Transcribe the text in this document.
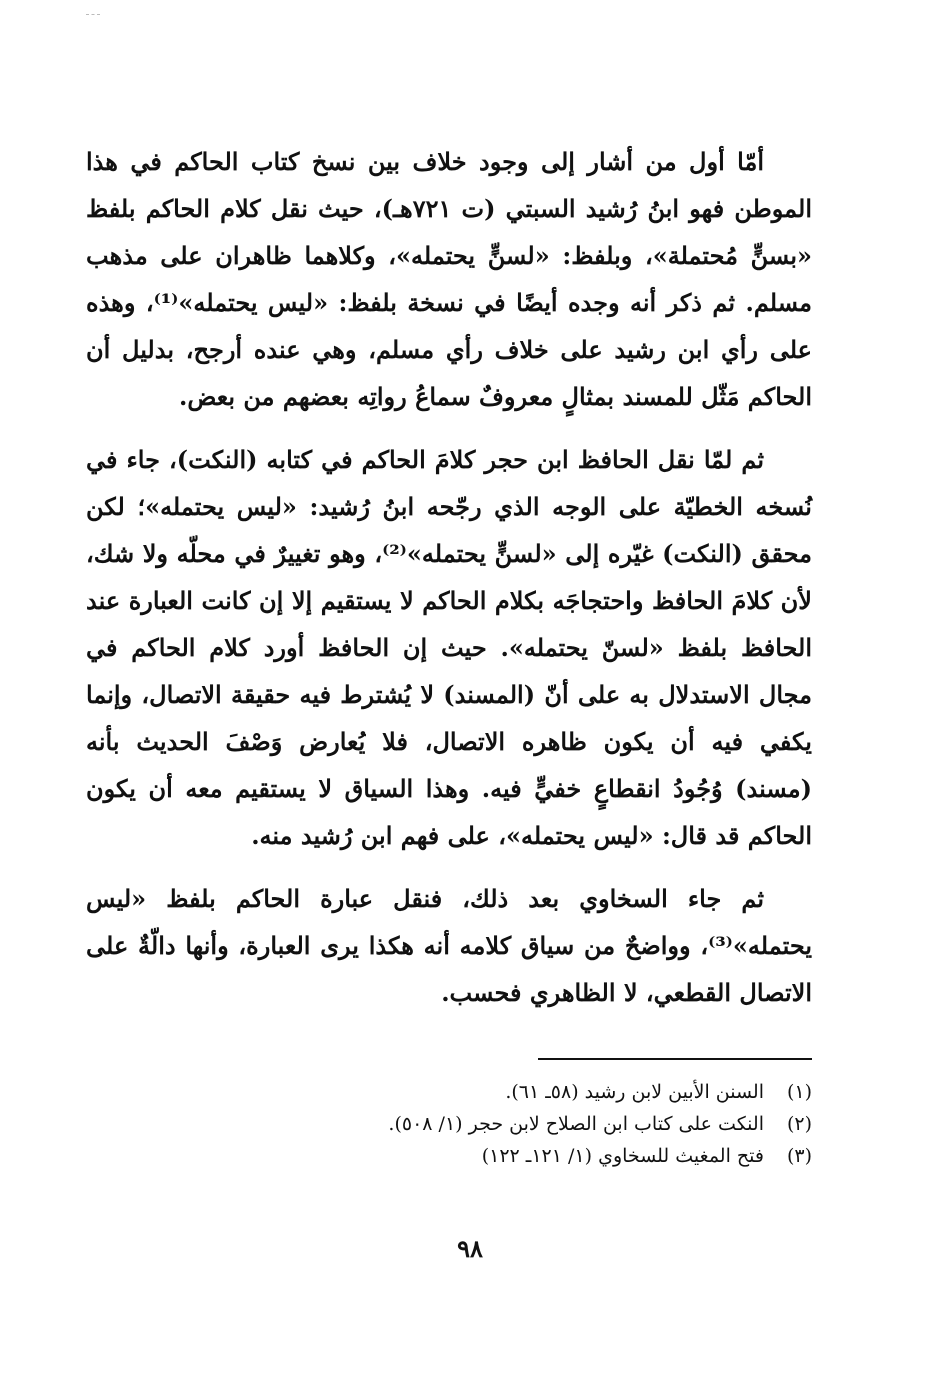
أمّا أول من أشار إلى وجود خلاف بين نسخ كتاب الحاكم في هذا الموطن فهو ابنُ رُشيد السبتي (ت ٧٢١هـ)، حيث نقل كلام الحاكم بلفظ «بسنٍّ مُحتملة»، وبلفظ: «لسنٍّ يحتمله»، وكلاهما ظاهران على مذهب مسلم. ثم ذكر أنه وجده أيضًا في نسخة بلفظ: «ليس يحتمله»⁽¹⁾، وهذه على رأي ابن رشيد على خلاف رأي مسلم، وهي عنده أرجح، بدليل أن الحاكم مَثّل للمسند بمثالٍ معروفٌ سماعُ رواتِه بعضهم من بعض.

ثم لمّا نقل الحافظ ابن حجر كلامَ الحاكم في كتابه (النكت)، جاء في نُسخه الخطيّة على الوجه الذي رجّحه ابنُ رُشيد: «ليس يحتمله»؛ لكن محقق (النكت) غيّره إلى «لسنٍّ يحتمله»⁽²⁾، وهو تغييرٌ في محلّه ولا شك، لأن كلامَ الحافظ واحتجاجَه بكلام الحاكم لا يستقيم إلا إن كانت العبارة عند الحافظ بلفظ «لسنّ يحتمله». حيث إن الحافظ أورد كلام الحاكم في مجال الاستدلال به على أنّ (المسند) لا يُشترط فيه حقيقة الاتصال، وإنما يكفي فيه أن يكون ظاهره الاتصال، فلا يُعارض وَصْفَ الحديث بأنه (مسند) وُجُودُ انقطاعٍ خفيٍّ فيه. وهذا السياق لا يستقيم معه أن يكون الحاكم قد قال: «ليس يحتمله»، على فهم ابن رُشيد منه.

ثم جاء السخاوي بعد ذلك، فنقل عبارة الحاكم بلفظ «ليس يحتمله»⁽³⁾، وواضحٌ من سياق كلامه أنه هكذا يرى العبارة، وأنها دالّةٌ على الاتصال القطعي، لا الظاهري فحسب.

(١)
السنن الأبين لابن رشيد (٥٨ـ ٦١).
(٢)
النكت على كتاب ابن الصلاح لابن حجر (١/ ٥٠٨).
(٣)
فتح المغيث للسخاوي (١/ ١٢١ـ ١٢٢)
٩٨
